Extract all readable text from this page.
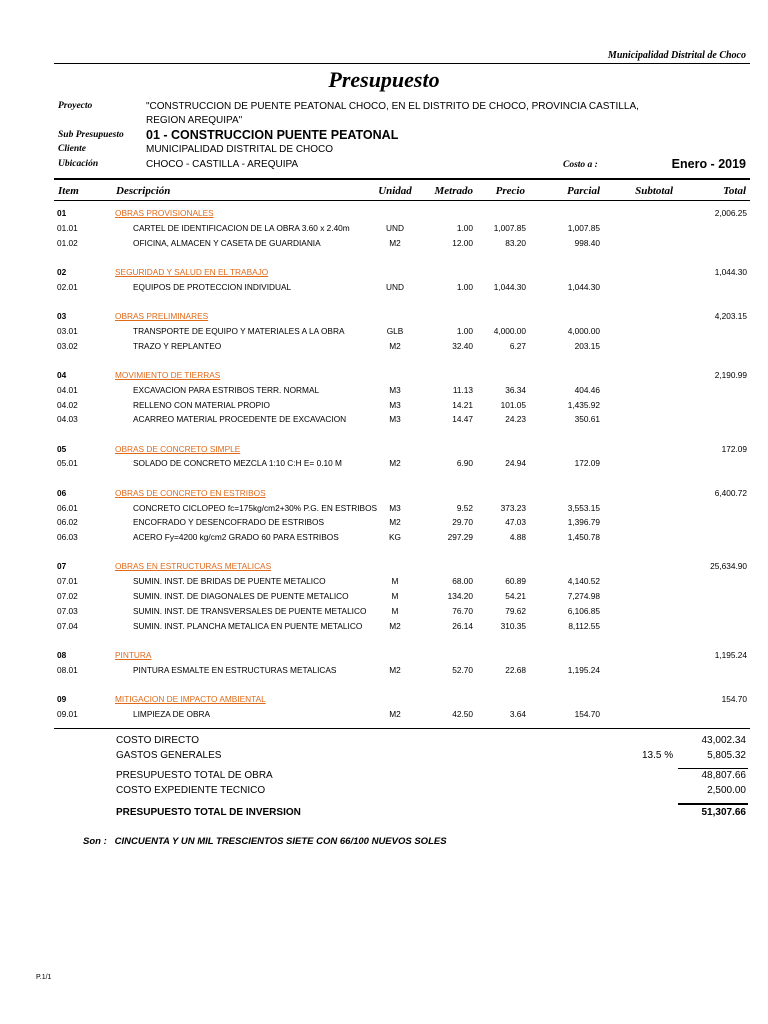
Municipalidad Distrital de Choco
Presupuesto
Proyecto	"CONSTRUCCION DE PUENTE PEATONAL CHOCO, EN EL DISTRITO DE CHOCO, PROVINCIA CASTILLA,
REGION AREQUIPA"
Sub Presupuesto 01 - CONSTRUCCION PUENTE PEATONAL
Cliente	MUNICIPALIDAD DISTRITAL DE CHOCO
Ubicación	CHOCO - CASTILLA - AREQUIPA	Costo a :	Enero - 2019
Item	Descripción	Unidad	Metrado Precio	Parcial	Subtotal	Total
01	OBRAS PROVISIONALES	2,006.25
01.01	CARTEL DE IDENTIFICACION DE LA OBRA 3.60 x 2.40m	UND	1.00 1,007.85	1,007.85
01.02	OFICINA, ALMACEN Y CASETA DE GUARDIANIA	M2	12.00	83.20	998.40
02	SEGURIDAD Y SALUD EN EL TRABAJO	1,044.30
02.01	EQUIPOS DE PROTECCION INDIVIDUAL	UND	1.00 1,044.30	1,044.30
03	OBRAS PRELIMINARES	4,203.15
03.01	TRANSPORTE DE EQUIPO Y MATERIALES A LA OBRA	GLB	1.00 4,000.00	4,000.00
03.02	TRAZO Y REPLANTEO	M2	32.40	6.27	203.15
04	MOVIMIENTO DE TIERRAS	2,190.99
04.01	EXCAVACION PARA ESTRIBOS TERR. NORMAL	M3	11.13	36.34	404.46
04.02	RELLENO CON MATERIAL PROPIO	M3	14.21	101.05	1,435.92
04.03	ACARREO MATERIAL PROCEDENTE DE EXCAVACION	M3	14.47	24.23	350.61
05	OBRAS DE CONCRETO SIMPLE	172.09
05.01	SOLADO DE CONCRETO MEZCLA 1:10 C:H E= 0.10 M	M2	6.90	24.94	172.09
06	OBRAS DE CONCRETO EN ESTRIBOS	6,400.72
06.01	CONCRETO CICLOPEO fc=175kg/cm2+30% P.G. EN ESTRIBOS	M3	9.52	373.23	3,553.15
06.02	ENCOFRADO Y DESENCOFRADO DE ESTRIBOS	M2	29.70	47.03	1,396.79
06.03	ACERO Fy=4200 kg/cm2 GRADO 60 PARA ESTRIBOS	KG	297.29	4.88	1,450.78
07	OBRAS EN ESTRUCTURAS METALICAS	25,634.90
07.01	SUMIN. INST. DE BRIDAS DE PUENTE METALICO	M	68.00	60.89	4,140.52
07.02	SUMIN. INST. DE DIAGONALES DE PUENTE METALICO	M	134.20	54.21	7,274.98
07.03	SUMIN. INST. DE TRANSVERSALES DE PUENTE METALICO	M	76.70	79.62	6,106.85
07.04	SUMIN. INST. PLANCHA METALICA EN PUENTE METALICO	M2	26.14	310.35	8,112.55
08	PINTURA	1,195.24
08.01	PINTURA ESMALTE EN ESTRUCTURAS METALICAS	M2	52.70	22.68	1,195.24
09	MITIGACION DE IMPACTO AMBIENTAL	154.70
09.01	LIMPIEZA DE OBRA	M2	42.50	3.64	154.70
COSTO DIRECTO	43,002.34
GASTOS GENERALES	13.5 %	5,805.32
PRESUPUESTO TOTAL DE OBRA	48,807.66
COSTO EXPEDIENTE TECNICO	2,500.00
PRESUPUESTO TOTAL DE INVERSION	51,307.66
Son : CINCUENTA Y UN MIL TRESCIENTOS SIETE CON 66/100 NUEVOS SOLES
P.1/1
